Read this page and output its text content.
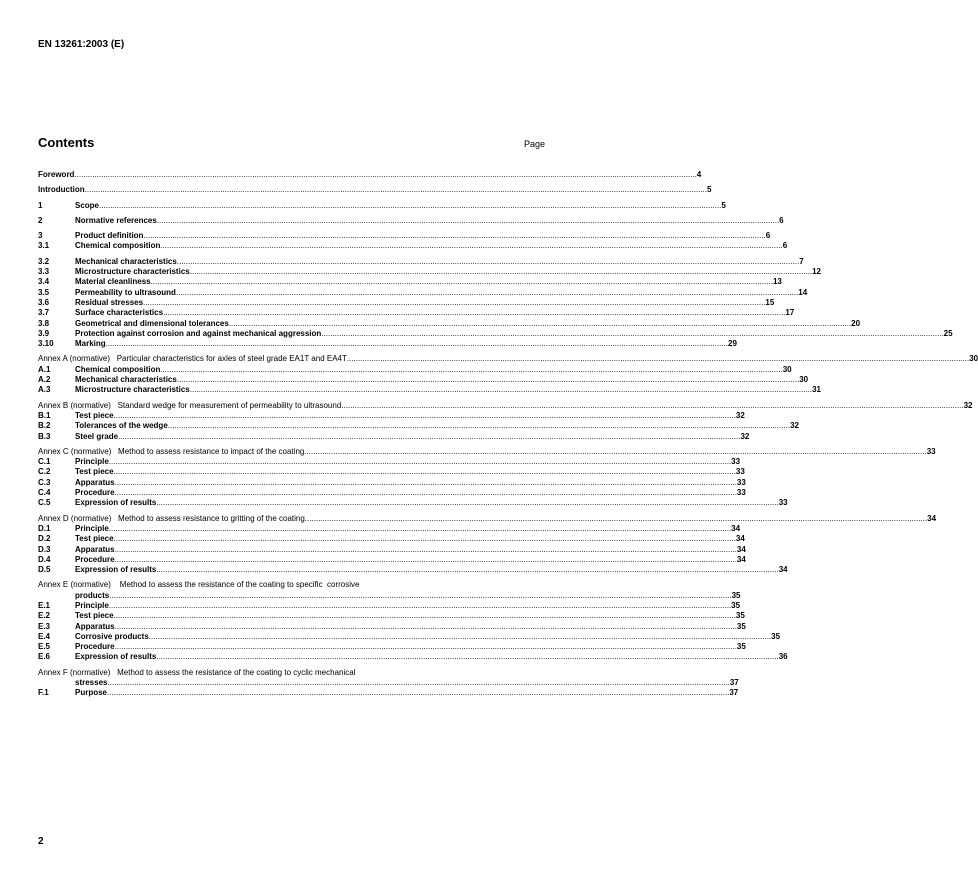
EN 13261:2003 (E)
Contents	Page
Foreword .....	4
Introduction .....	5
1	Scope .....	5
2	Normative references .....	6
3	Product definition .....	6
3.1	Chemical composition .....	6
3.2	Mechanical characteristics .....	7
3.3	Microstructure characteristics .....	12
3.4	Material cleanliness .....	13
3.5	Permeability to ultrasound .....	14
3.6	Residual stresses .....	15
3.7	Surface characteristics .....	17
3.8	Geometrical and dimensional tolerances .....	20
3.9	Protection against corrosion and against mechanical aggression .....	25
3.10	Marking .....	29
Annex A (normative)   Particular characteristics for axles of steel grade EA1T and EA4T .....	30
A.1	Chemical composition .....	30
A.2	Mechanical characteristics .....	30
A.3	Microstructure characteristics .....	31
Annex B (normative)   Standard wedge for measurement of permeability to ultrasound .....	32
B.1	Test piece .....	32
B.2	Tolerances of the wedge .....	32
B.3	Steel grade .....	32
Annex C (normative)   Method to assess resistance to impact of the coating .....	33
C.1	Principle .....	33
C.2	Test piece .....	33
C.3	Apparatus .....	33
C.4	Procedure .....	33
C.5	Expression of results .....	33
Annex D (normative)   Method to assess resistance to gritting of the coating .....	34
D.1	Principle .....	34
D.2	Test piece .....	34
D.3	Apparatus .....	34
D.4	Procedure .....	34
D.5	Expression of results .....	34
Annex E (normative)    Method to assess the resistance of the coating to specific  corrosive
products .....	35
E.1	Principle .....	35
E.2	Test piece .....	35
E.3	Apparatus .....	35
E.4	Corrosive products .....	35
E.5	Procedure .....	35
E.6	Expression of results .....	36
Annex F (normative)   Method to assess the resistance of the coating to cyclic mechanical
stresses .....	37
F.1	Purpose .....	37
2
